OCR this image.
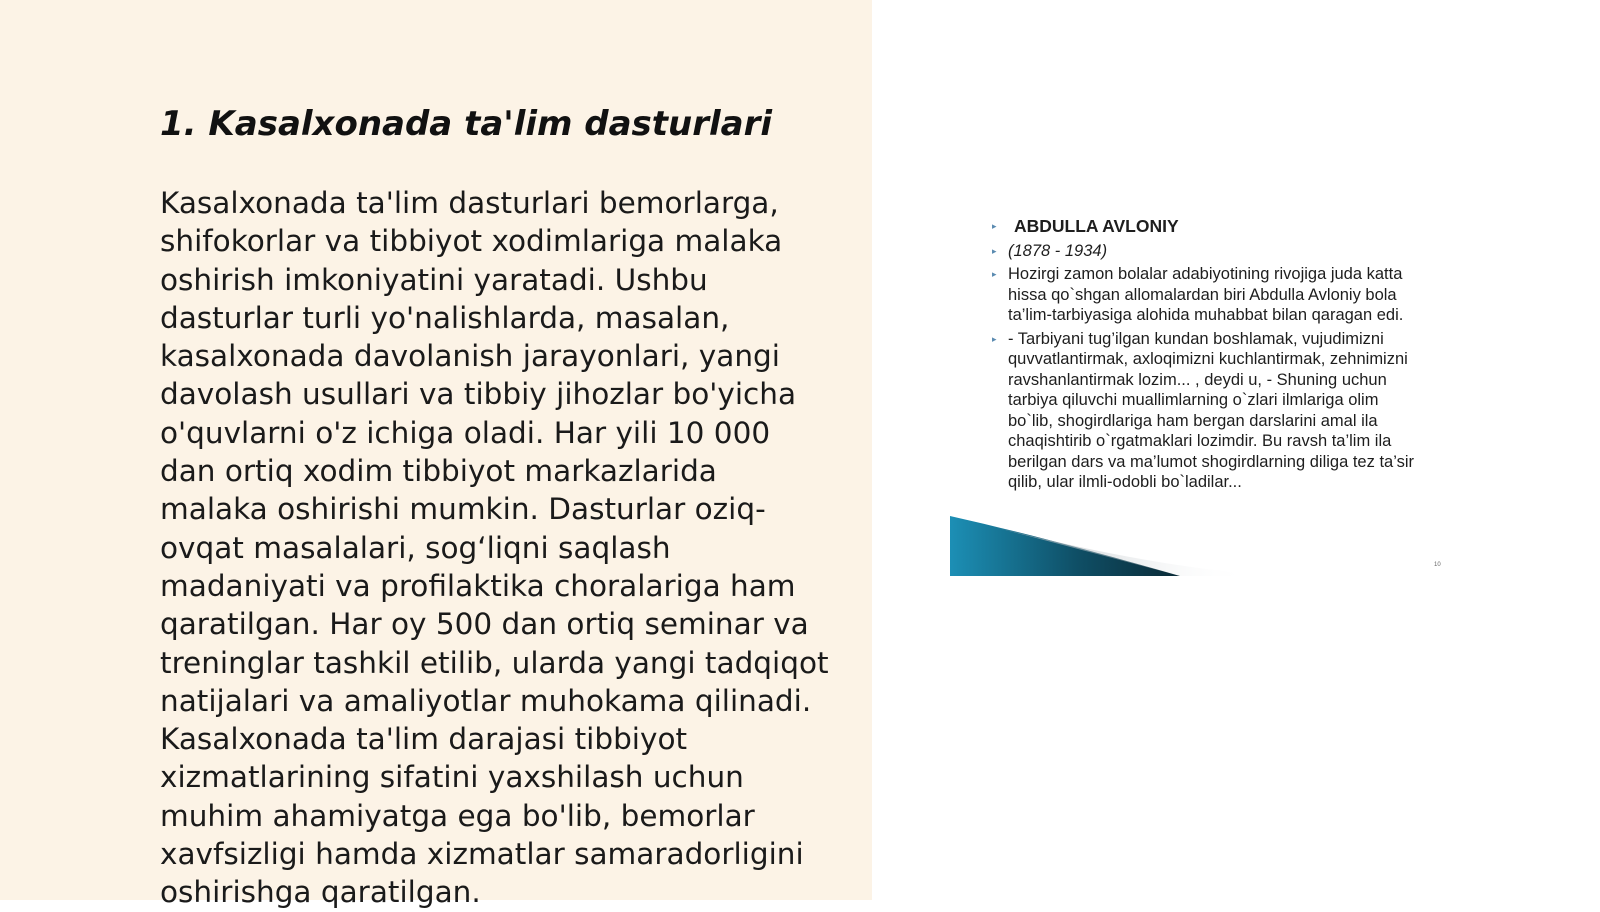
1. Kasalxonada ta'lim dasturlari

Kasalxonada ta'lim dasturlari bemorlarga, shifokorlar va tibbiyot xodimlariga malaka oshirish imkoniyatini yaratadi. Ushbu dasturlar turli yo'nalishlarda, masalan, kasalxonada davolanish jarayonlari, yangi davolash usullari va tibbiy jihozlar bo'yicha o'quvlarni o'z ichiga oladi. Har yili 10 000 dan ortiq xodim tibbiyot markazlarida malaka oshirishi mumkin. Dasturlar oziq-ovqat masalalari, sog‘liqni saqlash madaniyati va profilaktika choralariga ham qaratilgan. Har oy 500 dan ortiq seminar va treninglar tashkil etilib, ularda yangi tadqiqot natijalari va amaliyotlar muhokama qilinadi. Kasalxonada ta'lim darajasi tibbiyot xizmatlarining sifatini yaxshilash uchun muhim ahamiyatga ega bo'lib, bemorlar xavfsizligi hamda xizmatlar samaradorligini oshirishga qaratilgan.

▸ ABDULLA AVLONIY
▸ (1878 - 1934)
▸ Hozirgi zamon bolalar adabiyotining rivojiga juda katta hissa qo`shgan allomalardan biri Abdulla Avloniy bola ta’lim-tarbiyasiga alohida muhabbat bilan qaragan edi.
▸ - Tarbiyani tug’ilgan kundan boshlamak, vujudimizni quvvatlantirmak, axloqimizni kuchlantirmak, zehnimizni ravshanlantirmak lozim... , deydi u, - Shuning uchun tarbiya qiluvchi muallimlarning o`zlari ilmlariga olim bo`lib, shogirdlariga ham bergan darslarini amal ila chaqishtirib o`rgatmaklari lozimdir. Bu ravsh ta’lim ila berilgan dars va ma’lumot shogirdlarning diliga tez ta’sir qilib, ular ilmli-odobli bo`ladilar...
10
